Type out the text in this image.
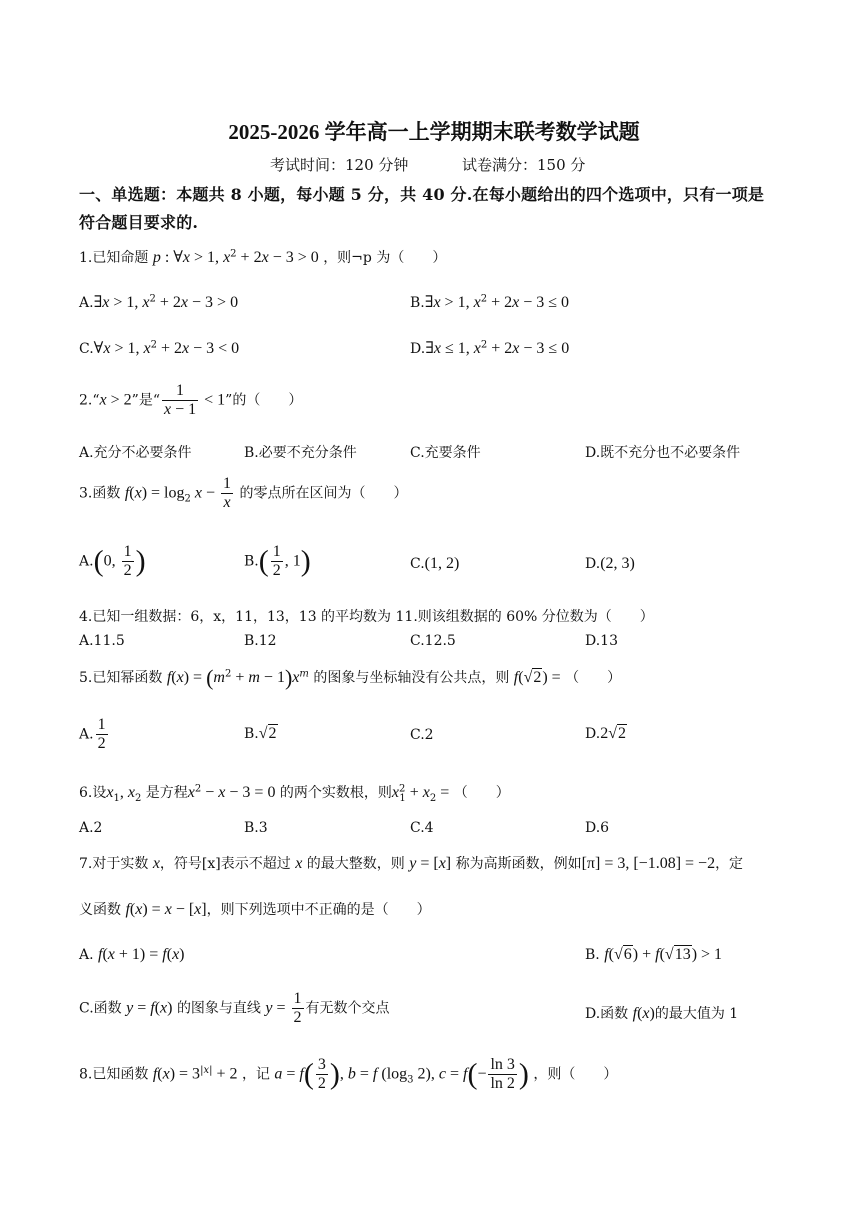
2025-2026 学年高一上学期期末联考数学试题
考试时间：120 分钟	试卷满分：150 分
一、单选题：本题共 8 小题，每小题 5 分，共 40 分.在每小题给出的四个选项中，只有一项是
符合题目要求的.
1.已知命题 p : ∀x > 1, $x^2 + 2x - 3 > 0$ ，则¬p 为（　　）
A.∃x > 1, $x^2 + 2x - 3 > 0$	B.∃x > 1, $x^2 + 2x - 3 \le 0$
C.∀x > 1, $x^2 + 2x - 3 < 0$	D.∃x ≤ 1, $x^2 + 2x - 3 \le 0$
2.“x > 2”是“ $\frac{1}{x - 1} < 1$”的（　　）
A.充分不必要条件	B.必要不充分条件	C.充要条件	D.既不充分也不必要条件
3.函数 $f(x) = \log_2 x - \frac{1}{x}$ 的零点所在区间为（　　）
A.(0, $\frac{1}{2}$ )	$B.( \frac{1}{2}$ , 1)	C.(1, 2)	D.(2, 3)
4.已知一组数据：6，x，11，13，13 的平均数为 11.则该组数据的 60% 分位数为（　　）
A.11.5	B.12	C.12.5	D.13
5.已知幂函数 $f(x) = (m^2 + m - 1)x^m$ 的图象与坐标轴没有公共点，则 f(√2) = （　　）
A. $\frac{1}{2}$	B.√2	C.2	D.2√2
6.设$x_1$, $x_2$ 是方程$x^2 - x - 3 = 0$ 的两个实数根，则$x^2_1 + x_2$ = （　　）
A.2	B.3	C.4	D.6
7.对于实数 x，符号[x]表示不超过 x 的最大整数，则 y = [x] 称为高斯函数，例如[π] = 3, [−1.08] = −2，定
义函数 f(x) = x − [x]，则下列选项中不正确的是（　　）
A. f(x + 1) = f(x)	B. f(√6) + f(√13) > 1
C.函数 y = f(x) 的图象与直线 $y = \frac{1}{2}$ 有无数个交点	D.函数 f(x)的最大值为 1
8.已知函数 $f(x) = 3^{|x|} + 2$ ，记 $a = f( \frac{3}{2}$ ), b = f ($\log_3$ 2), $c = f(- \frac{\ln 3}{\ln 2}$ ) ，则（　　）
